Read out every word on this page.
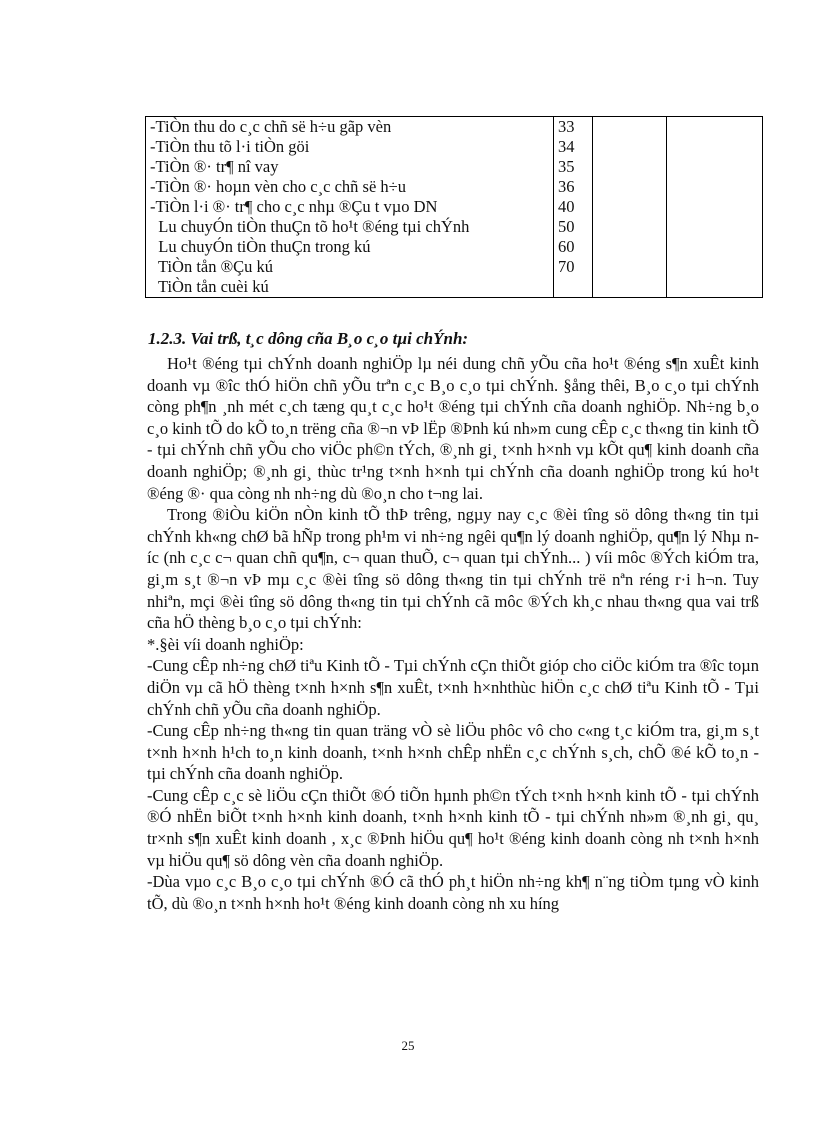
-TiÒn thu do c¸c chñ së h÷u gãp vèn	33		
-TiÒn thu tõ l·i tiÒn göi	34		
-TiÒn ®· tr¶ nî vay	35		
-TiÒn ®· hoµn vèn cho c¸c chñ së h÷u	36		
-TiÒn l·i ®· tr¶ cho c¸c nhµ ®Çu t vµo DN	40		
Lu chuyÓn tiÒn thuÇn tõ ho¹t ®éng tµi chÝnh	50		
Lu chuyÓn tiÒn thuÇn trong kú	60		
TiÒn tån ®Çu kú	70		
TiÒn tån cuèi kú			
1.2.3. Vai trß, t¸c dông cña B¸o c¸o tµi chÝnh:

Ho¹t ®éng tµi chÝnh doanh nghiÖp lµ néi dung chñ yÕu cña ho¹t ®éng s¶n xuÊt kinh doanh vµ ®îc thÓ hiÖn chñ yÕu trªn c¸c B¸o c¸o tµi chÝnh. §ång thêi, B¸o c¸o tµi chÝnh còng ph¶n ¸nh mét c¸ch tæng qu¸t c¸c ho¹t ®éng tµi chÝnh cña doanh nghiÖp. Nh÷ng b¸o c¸o kinh tÕ do kÕ to¸n trëng cña ®¬n vÞ lËp ®Þnh kú nh»m cung cÊp c¸c th«ng tin kinh tÕ - tµi chÝnh chñ yÕu cho viÖc ph©n tÝch, ®¸nh gi¸ t×nh h×nh vµ kÕt qu¶ kinh doanh cña doanh nghiÖp; ®¸nh gi¸ thùc tr¹ng t×nh h×nh tµi chÝnh cña doanh nghiÖp trong kú ho¹t ®éng ®· qua còng nh nh÷ng dù ®o¸n cho t¬ng lai.

Trong ®iÒu kiÖn nÒn kinh tÕ thÞ trêng, ngµy nay c¸c ®èi tîng sö dông th«ng tin tµi chÝnh kh«ng chØ bã hÑp trong ph¹m vi nh÷ng ngêi qu¶n lý doanh nghiÖp, qu¶n lý Nhµ níc (nh c¸c c¬ quan chñ qu¶n, c¬ quan thuÕ, c¬ quan tµi chÝnh... ) víi môc ®Ých kiÓm tra, gi¸m s¸t ®¬n vÞ mµ c¸c ®èi tîng sö dông th«ng tin tµi chÝnh trë nªn réng r·i h¬n. Tuy nhiªn, mçi ®èi tîng sö dông th«ng tin tµi chÝnh cã môc ®Ých kh¸c nhau th«ng qua vai trß cña hÖ thèng b¸o c¸o tµi chÝnh:

*.§èi víi doanh nghiÖp:

-Cung cÊp nh÷ng chØ tiªu Kinh tÕ - Tµi chÝnh cÇn thiÕt gióp cho ciÖc kiÓm tra ®îc toµn diÖn vµ cã hÖ thèng t×nh h×nh s¶n xuÊt, t×nh h×nhthùc hiÖn c¸c chØ tiªu Kinh tÕ - Tµi chÝnh chñ yÕu cña doanh nghiÖp.

-Cung cÊp nh÷ng th«ng tin quan träng vÒ sè liÖu phôc vô cho c«ng t¸c kiÓm tra, gi¸m s¸t t×nh h×nh h¹ch to¸n kinh doanh, t×nh h×nh chÊp nhËn c¸c chÝnh s¸ch, chÕ ®é kÕ to¸n - tµi chÝnh cña doanh nghiÖp.

-Cung cÊp c¸c sè liÖu cÇn thiÕt ®Ó tiÕn hµnh ph©n tÝch t×nh h×nh kinh tÕ - tµi chÝnh ®Ó nhËn biÕt t×nh h×nh kinh doanh, t×nh h×nh kinh tÕ - tµi chÝnh nh»m ®¸nh gi¸ qu¸ tr×nh s¶n xuÊt kinh doanh , x¸c ®Þnh hiÖu qu¶ ho¹t ®éng kinh doanh còng nh t×nh h×nh vµ hiÖu qu¶ sö dông vèn cña doanh nghiÖp.

-Dùa vµo c¸c B¸o c¸o tµi chÝnh ®Ó cã thÓ ph¸t hiÖn nh÷ng kh¶ n¨ng tiÒm tµng vÒ kinh tÕ, dù ®o¸n t×nh h×nh ho¹t ®éng kinh doanh còng nh xu híng

25
